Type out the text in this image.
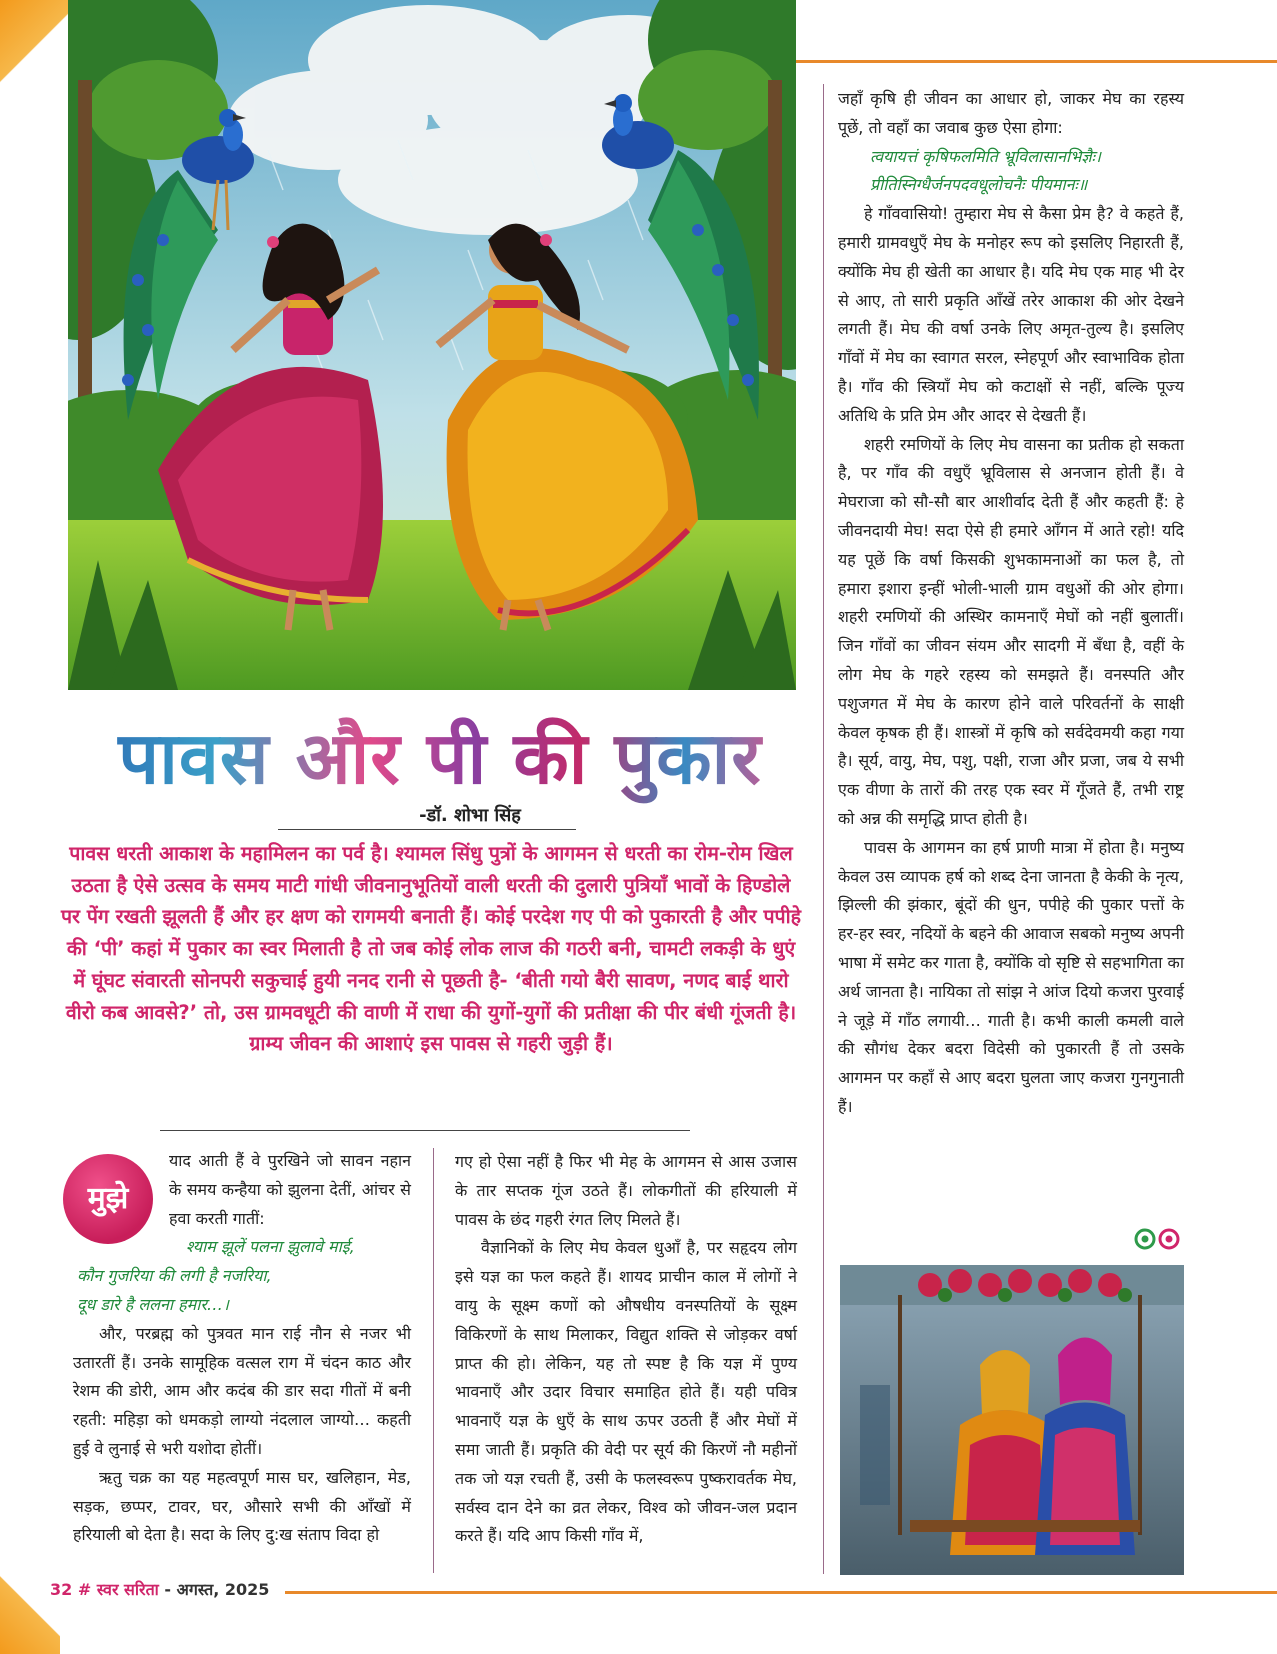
पावस और पी की पुकार
-डॉ. शोभा सिंह
पावस धरती आकाश के महामिलन का पर्व है। श्यामल सिंधु पुत्रों के आगमन से धरती का रोम-रोम खिल उठता है ऐसे उत्सव के समय माटी गांधी जीवनानुभूतियों वाली धरती की दुलारी पुत्रियाँ भावों के हिण्डोले पर पेंग रखती झूलती हैं और हर क्षण को रागमयी बनाती हैं। कोई परदेश गए पी को पुकारती है और पपीहे की ‘पी’ कहां में पुकार का स्वर मिलाती है तो जब कोई लोक लाज की गठरी बनी, चामटी लकड़ी के धुएं में घूंघट संवारती सोनपरी सकुचाई हुयी ननद रानी से पूछती है- ‘बीती गयो बैरी सावण, नणद बाई थारो वीरो कब आवसे?’ तो, उस ग्रामवधूटी की वाणी में राधा की युगों-युगों की प्रतीक्षा की पीर बंधी गूंजती है। ग्राम्य जीवन की आशाएं इस पावस से गहरी जुड़ी हैं।
मुझे

याद आती हैं वे पुरखिने जो सावन नहान के समय कन्हैया को झुलना देतीं, आंचर से हवा करती गातीं:

श्याम झूलें पलना झुलावे माई,

कौन गुजरिया की लगी है नजरिया,

दूध डारे है ललना हमार…।

और, परब्रह्म को पुत्रवत मान राई नौन से नजर भी उतारतीं हैं। उनके सामूहिक वत्सल राग में चंदन काठ और रेशम की डोरी, आम और कदंब की डार सदा गीतों में बनी रहती: महिड़ा को धमकड़ो लाग्यो नंदलाल जाग्यो… कहती हुई वे लुनाई से भरी यशोदा होतीं।

ऋतु चक्र का यह महत्वपूर्ण मास घर, खलिहान, मेड, सड़क, छप्पर, टावर, घर, औसारे सभी की आँखों में हरियाली बो देता है। सदा के लिए दु:ख संताप विदा हो

गए हो ऐसा नहीं है फिर भी मेह के आगमन से आस उजास के तार सप्तक गूंज उठते हैं। लोकगीतों की हरियाली में पावस के छंद गहरी रंगत लिए मिलते हैं।

वैज्ञानिकों के लिए मेघ केवल धुआँ है, पर सहृदय लोग इसे यज्ञ का फल कहते हैं। शायद प्राचीन काल में लोगों ने वायु के सूक्ष्म कणों को औषधीय वनस्पतियों के सूक्ष्म विकिरणों के साथ मिलाकर, विद्युत शक्ति से जोड़कर वर्षा प्राप्त की हो। लेकिन, यह तो स्पष्ट है कि यज्ञ में पुण्य भावनाएँ और उदार विचार समाहित होते हैं। यही पवित्र भावनाएँ यज्ञ के धुएँ के साथ ऊपर उठती हैं और मेघों में समा जाती हैं। प्रकृति की वेदी पर सूर्य की किरणें नौ महीनों तक जो यज्ञ रचती हैं, उसी के फलस्वरूप पुष्करावर्तक मेघ, सर्वस्व दान देने का व्रत लेकर, विश्व को जीवन-जल प्रदान करते हैं। यदि आप किसी गाँव में,

जहाँ कृषि ही जीवन का आधार हो, जाकर मेघ का रहस्य पूछें, तो वहाँ का जवाब कुछ ऐसा होगा:

त्वयायत्तं कृषिफलमिति भ्रूविलासानभिज्ञैः।

प्रीतिस्निग्धैर्जनपदवधूलोचनैः पीयमानः॥

हे गाँववासियो! तुम्हारा मेघ से कैसा प्रेम है? वे कहते हैं, हमारी ग्रामवधुएँ मेघ के मनोहर रूप को इसलिए निहारती हैं, क्योंकि मेघ ही खेती का आधार है। यदि मेघ एक माह भी देर से आए, तो सारी प्रकृति आँखें तरेर आकाश की ओर देखने लगती हैं। मेघ की वर्षा उनके लिए अमृत-तुल्य है। इसलिए गाँवों में मेघ का स्वागत सरल, स्नेहपूर्ण और स्वाभाविक होता है। गाँव की स्त्रियाँ मेघ को कटाक्षों से नहीं, बल्कि पूज्य अतिथि के प्रति प्रेम और आदर से देखती हैं।

शहरी रमणियों के लिए मेघ वासना का प्रतीक हो सकता है, पर गाँव की वधुएँ भ्रूविलास से अनजान होती हैं। वे मेघराजा को सौ-सौ बार आशीर्वाद देती हैं और कहती हैं: हे जीवनदायी मेघ! सदा ऐसे ही हमारे आँगन में आते रहो! यदि यह पूछें कि वर्षा किसकी शुभकामनाओं का फल है, तो हमारा इशारा इन्हीं भोली-भाली ग्राम वधुओं की ओर होगा। शहरी रमणियों की अस्थिर कामनाएँ मेघों को नहीं बुलातीं। जिन गाँवों का जीवन संयम और सादगी में बँधा है, वहीं के लोग मेघ के गहरे रहस्य को समझते हैं। वनस्पति और पशुजगत में मेघ के कारण होने वाले परिवर्तनों के साक्षी केवल कृषक ही हैं। शास्त्रों में कृषि को सर्वदेवमयी कहा गया है। सूर्य, वायु, मेघ, पशु, पक्षी, राजा और प्रजा, जब ये सभी एक वीणा के तारों की तरह एक स्वर में गूँजते हैं, तभी राष्ट्र को अन्न की समृद्धि प्राप्त होती है।

पावस के आगमन का हर्ष प्राणी मात्रा में होता है। मनुष्य केवल उस व्यापक हर्ष को शब्द देना जानता है केकी के नृत्य, झिल्ली की झंकार, बूंदों की धुन, पपीहे की पुकार पत्तों के हर-हर स्वर, नदियों के बहने की आवाज सबको मनुष्य अपनी भाषा में समेट कर गाता है, क्योंकि वो सृष्टि से सहभागिता का अर्थ जानता है। नायिका तो सांझ ने आंज दियो कजरा पुरवाई ने जूड़े में गाँठ लगायी… गाती है। कभी काली कमली वाले की सौगंध देकर बदरा विदेसी को पुकारती हैं तो उसके आगमन पर कहाँ से आए बदरा घुलता जाए कजरा गुनगुनाती हैं।

32 # स्वर सरिता - अगस्त, 2025
